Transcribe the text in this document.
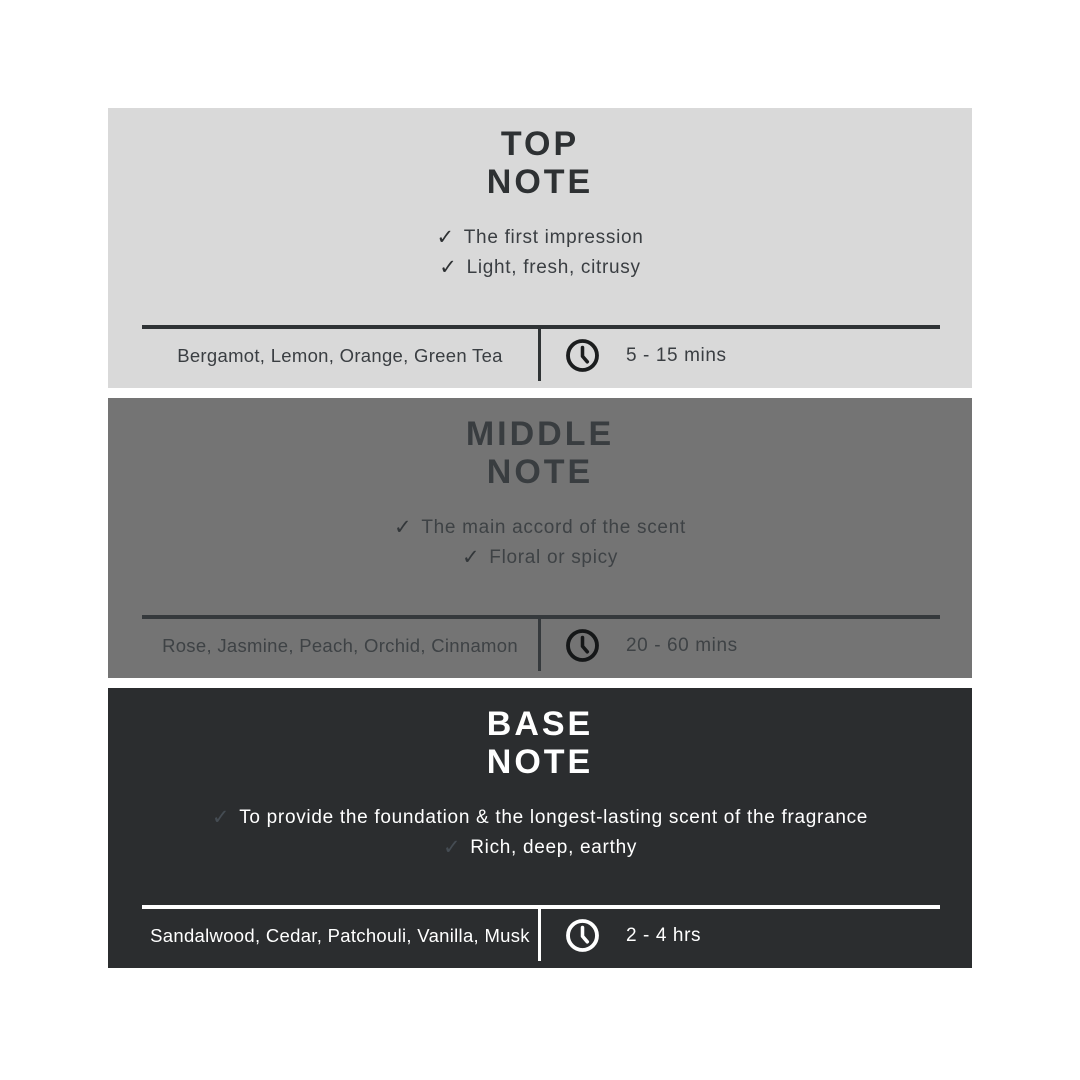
TOP
NOTE
✓ The first impression
✓ Light, fresh, citrusy
Bergamot, Lemon, Orange, Green Tea	5 - 15 mins
MIDDLE
NOTE
✓ The main accord of the scent
✓ Floral or spicy
Rose, Jasmine, Peach, Orchid, Cinnamon	20 - 60 mins
BASE
NOTE
✓ To provide the foundation & the longest-lasting scent of the fragrance
✓ Rich, deep, earthy
Sandalwood, Cedar, Patchouli, Vanilla, Musk	2 - 4 hrs
